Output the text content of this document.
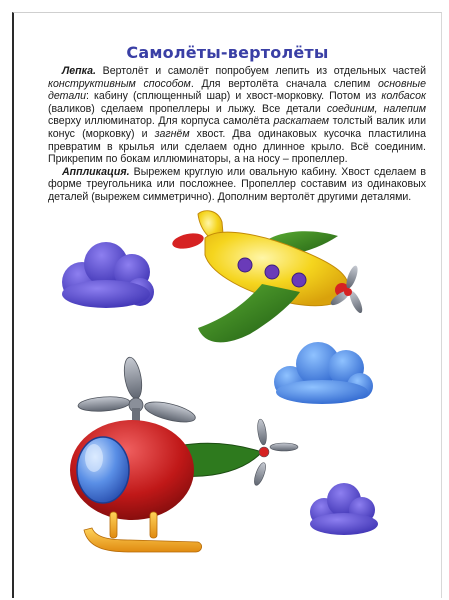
Самолёты-вертолёты

Лепка. Вертолёт и самолёт попробуем лепить из отдельных частей конструктивным способом. Для вертолёта сначала слепим основные детали: кабину (сплющенный шар) и хвост-морковку. Потом из колбасок (валиков) сделаем пропеллеры и лыжу. Все детали соединим, налепим сверху иллюминатор. Для корпуса самолёта раскатаем толстый валик или конус (морковку) и загнём хвост. Два одинаковых кусочка пластилина превратим в крылья или сделаем одно длинное крыло. Всё соединим. Прикрепим по бокам иллюминаторы, а на носу – пропеллер.

Аппликация. Вырежем круглую или овальную кабину. Хвост сделаем в форме треугольника или посложнее. Пропеллер составим из одинаковых деталей (вырежем симметрично). Дополним вертолёт другими деталями.
